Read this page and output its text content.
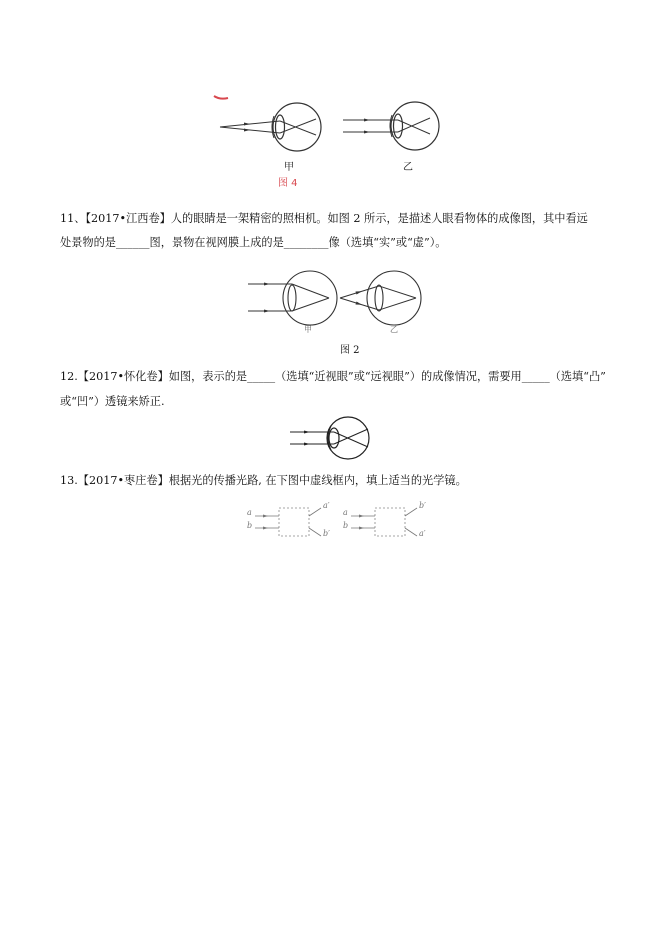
甲	乙
图 4
11、【2017•江西卷】人的眼睛是一架精密的照相机。如图 2 所示，是描述人眼看物体的成像图，其中看远
处景物的是______图，景物在视网膜上成的是________像（选填“实”或“虚”）。
甲	乙
图 2
12.【2017•怀化卷】如图，表示的是_____（选填“近视眼”或“远视眼”）的成像情况，需要用_____（选填“凸”
或“凹”）透镜来矫正.
13.【2017•枣庄卷】根据光的传播光路, 在下图中虚线框内，填上适当的光学镜。
a
b
a′
b′
a
b
b′
a′
